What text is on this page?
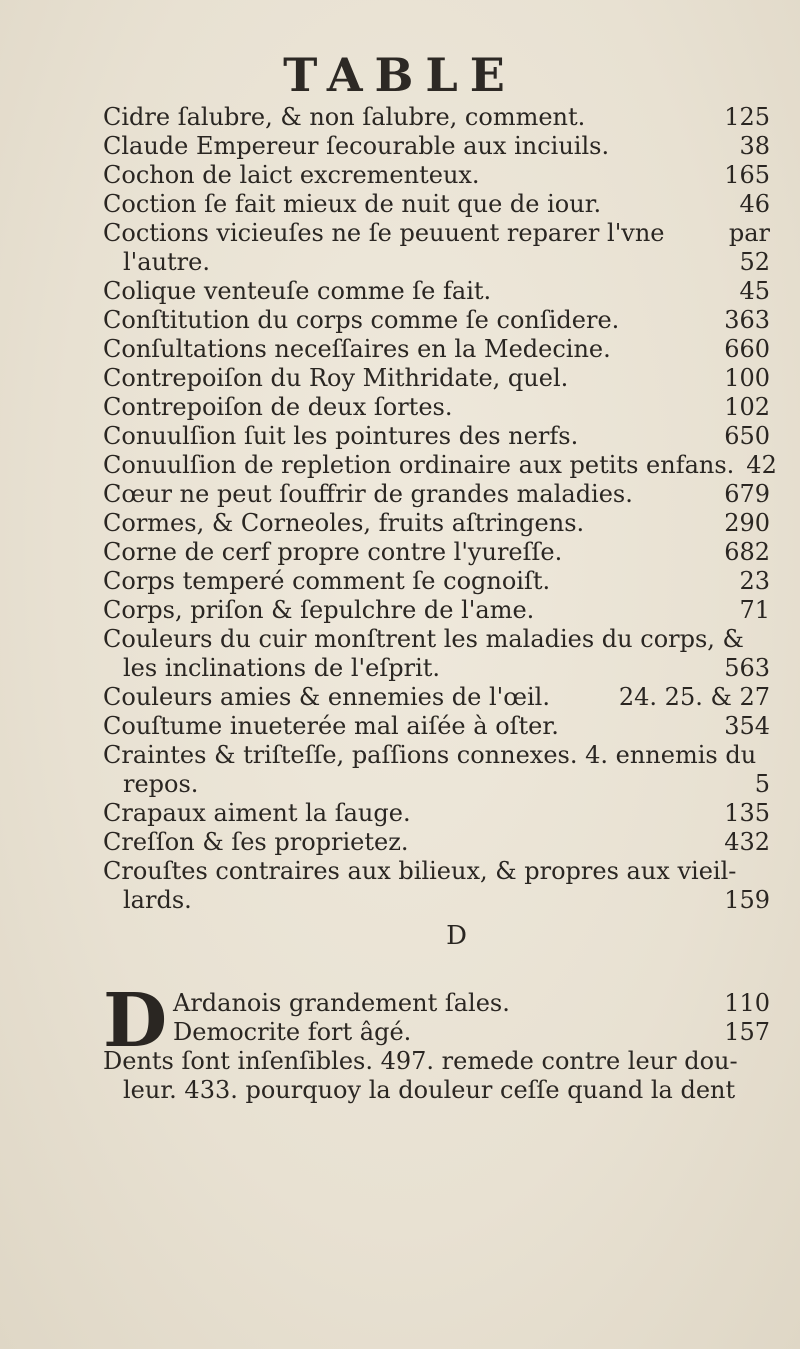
TABLE
Cidre ſalubre, & non ſalubre, comment.	125
Claude Empereur ſecourable aux inciuils.	38
Cochon de laict excrementeux.	165
Coction ſe fait mieux de nuit que de iour.	46
Coctions vicieuſes ne ſe peuuent reparer l'vne	par
l'autre.	52
Colique venteuſe comme ſe fait.	45
Conſtitution du corps comme ſe conſidere.	363
Conſultations neceſſaires en la Medecine.	660
Contrepoiſon du Roy Mithridate, quel.	100
Contrepoiſon de deux ſortes.	102
Conuulſion ſuit les pointures des nerfs.	650
Conuulſion de repletion ordinaire aux petits enfans. 42
Cœur ne peut ſouffrir de grandes maladies.	679
Cormes, & Corneoles, fruits aſtringens.	290
Corne de cerf propre contre l'yureſſe.	682
Corps temperé comment ſe cognoiſt.	23
Corps, priſon & ſepulchre de l'ame.	71
Couleurs du cuir monſtrent les maladies du corps, &
les inclinations de l'eſprit.	563
Couleurs amies & ennemies de l'œil.	24. 25. & 27
Couſtume inueterée mal aiſée à oſter.	354
Craintes & triſteſſe, paſſions connexes. 4. ennemis du
repos.	5
Crapaux aiment la ſauge.	135
Creſſon & ſes proprietez.	432
Crouſtes contraires aux bilieux, & propres aux vieil-
lards.	159
D
D Ardanois grandement ſales.	110
Democrite fort âgé.	157
Dents ſont inſenſibles. 497. remede contre leur dou-
leur. 433. pourquoy la douleur ceſſe quand la dent
